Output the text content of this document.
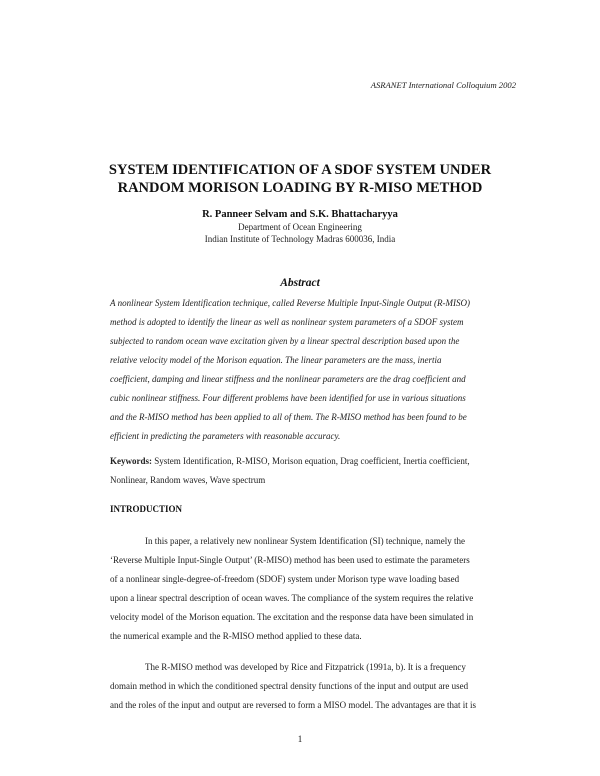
ASRANET International Colloquium 2002
SYSTEM IDENTIFICATION OF A SDOF SYSTEM UNDER
RANDOM MORISON LOADING BY R-MISO METHOD
R. Panneer Selvam and S.K. Bhattacharyya
Department of Ocean Engineering
Indian Institute of Technology Madras 600036, India
Abstract
A nonlinear System Identification technique, called Reverse Multiple Input-Single Output (R-MISO)
method is adopted to identify the linear as well as nonlinear system parameters of a SDOF system
subjected to random ocean wave excitation given by a linear spectral description based upon the
relative velocity model of the Morison equation. The linear parameters are the mass, inertia
coefficient, damping and linear stiffness and the nonlinear parameters are the drag coefficient and
cubic nonlinear stiffness. Four different problems have been identified for use in various situations
and the R-MISO method has been applied to all of them. The R-MISO method has been found to be
efficient in predicting the parameters with reasonable accuracy.
Keywords: System Identification, R-MISO, Morison equation, Drag coefficient, Inertia coefficient,
Nonlinear, Random waves, Wave spectrum
INTRODUCTION
In this paper, a relatively new nonlinear System Identification (SI) technique, namely the
‘Reverse Multiple Input-Single Output’ (R-MISO) method has been used to estimate the parameters
of a nonlinear single-degree-of-freedom (SDOF) system under Morison type wave loading based
upon a linear spectral description of ocean waves. The compliance of the system requires the relative
velocity model of the Morison equation. The excitation and the response data have been simulated in
the numerical example and the R-MISO method applied to these data.
The R-MISO method was developed by Rice and Fitzpatrick (1991a, b). It is a frequency
domain method in which the conditioned spectral density functions of the input and output are used
and the roles of the input and output are reversed to form a MISO model. The advantages are that it is
1
